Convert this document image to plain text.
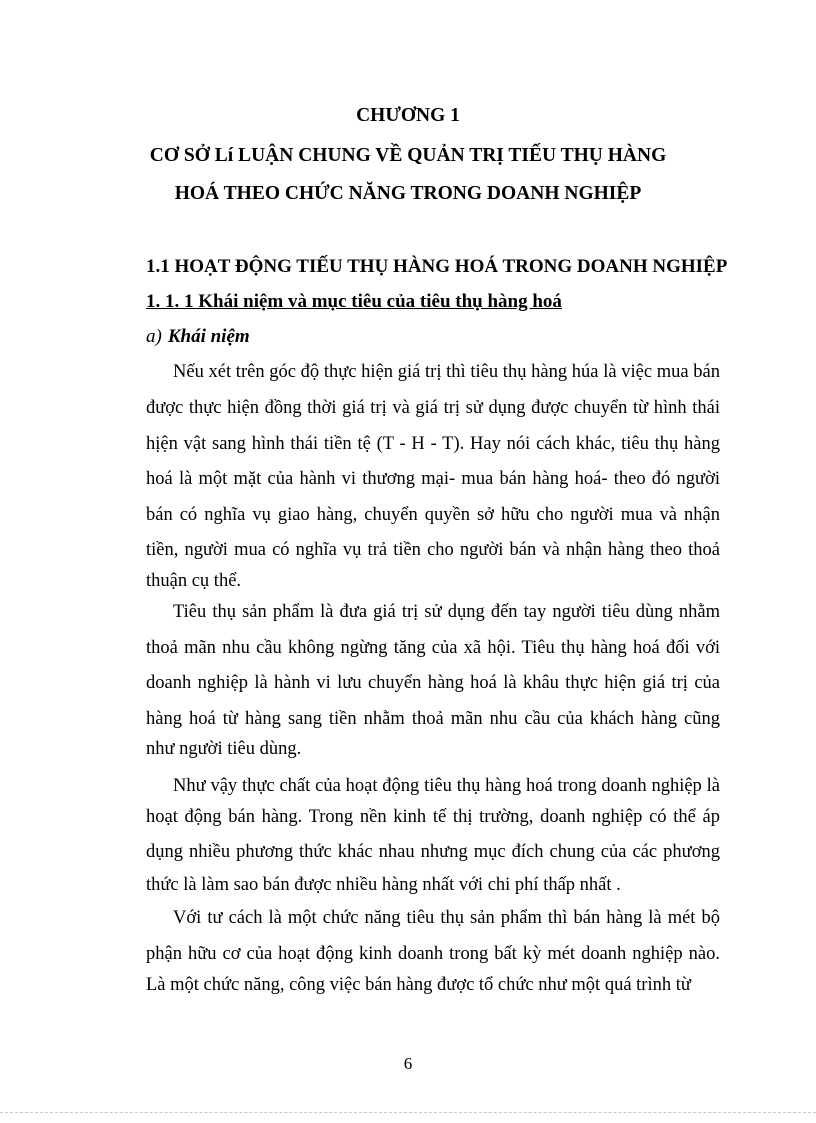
CHƯƠNG 1
CƠ SỞ Lí LUẬN CHUNG VỀ QUẢN TRỊ TIẾU THỤ HÀNG
HOÁ THEO CHỨC NĂNG TRONG DOANH NGHIỆP
1.1 HOẠT ĐỘNG TIẾU THỤ HÀNG HOÁ TRONG DOANH NGHIỆP
1. 1. 1 Khái niệm và mục tiêu của tiêu thụ hàng hoá
a) Khái niệm
Nếu xét trên góc độ thực hiện giá trị thì tiêu thụ hàng húa là việc mua bán
được thực hiện đồng thời giá trị và giá trị sử dụng được chuyển từ hình thái
hịện vật sang hình thái tiền tệ (T - H - T). Hay nói cách khác, tiêu thụ hàng
hoá là một mặt của hành vi thương mại- mua bán hàng hoá- theo đó người
bán có nghĩa vụ giao hàng, chuyển quyền sở hữu cho người mua và nhận
tiền, người mua có nghĩa vụ trả tiền cho người bán và nhận hàng theo thoả
thuận cụ thể.
Tiêu thụ sản phẩm là đưa giá trị sử dụng đến tay người tiêu dùng nhằm
thoả mãn nhu cầu không ngừng tăng của xã hội. Tiêu thụ hàng hoá đối với
doanh nghiệp là hành vi lưu chuyển hàng hoá là khâu thực hiện giá trị của
hàng hoá từ hàng sang tiền nhằm thoả mãn nhu cầu của khách hàng cũng
như người tiêu dùng.
Như vậy thực chất của hoạt động tiêu thụ hàng hoá trong doanh nghiệp là
hoạt động bán hàng. Trong nền kinh tế thị trường, doanh nghiệp có thể áp
dụng nhiều phương thức khác nhau nhưng mục đích chung của các phương
thức là làm sao bán được nhiều hàng nhất với chi phí thấp nhất .
Với tư cách là một chức năng tiêu thụ sản phẩm thì bán hàng là mét bộ
phận hữu cơ của hoạt động kinh doanh trong bất kỳ mét doanh nghiệp nào.
Là một chức năng, công việc bán hàng được tổ chức như một quá trình từ
6
